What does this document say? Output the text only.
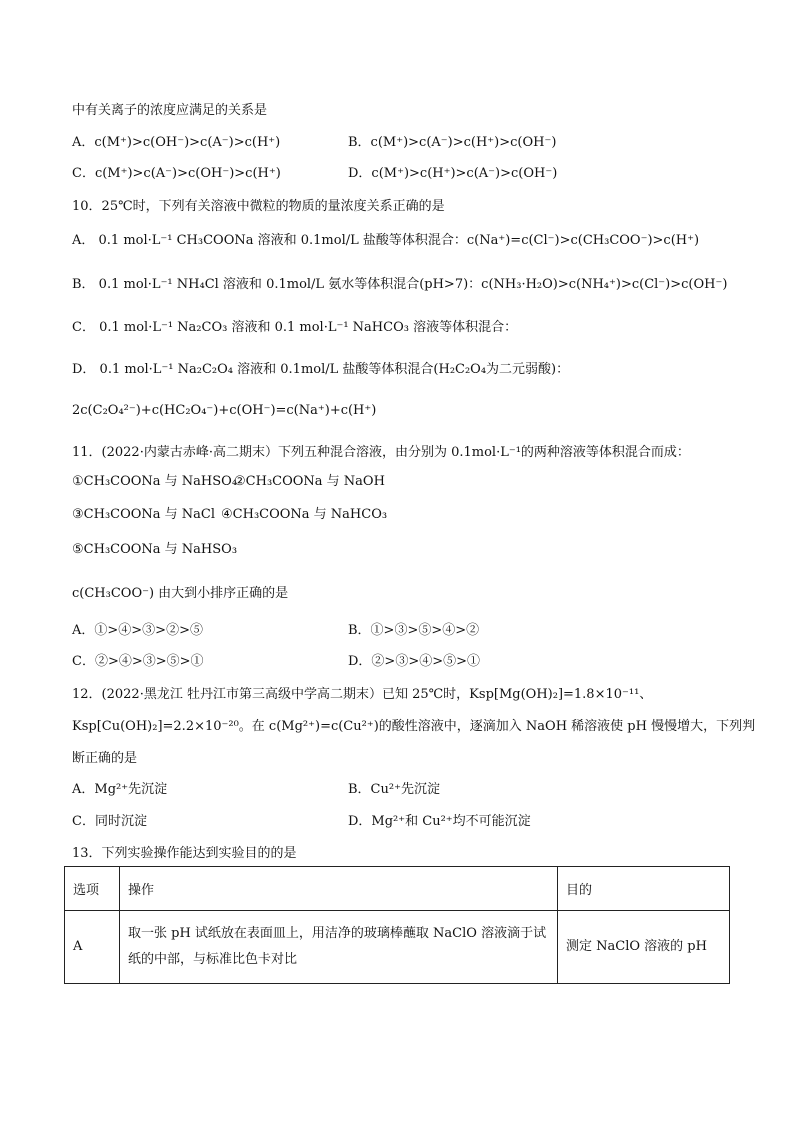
中有关离子的浓度应满足的关系是
A．c(M⁺)>c(OH⁻)>c(A⁻)>c(H⁺)	B．c(M⁺)>c(A⁻)>c(H⁺)>c(OH⁻)
C．c(M⁺)>c(A⁻)>c(OH⁻)>c(H⁺)	D．c(M⁺)>c(H⁺)>c(A⁻)>c(OH⁻)
10．25℃时，下列有关溶液中微粒的物质的量浓度关系正确的是
A． 0.1 mol·L⁻¹ CH₃COONa 溶液和 0.1mol/L 盐酸等体积混合：c(Na⁺)=c(Cl⁻)>c(CH₃COO⁻)>c(H⁺)
B． 0.1 mol·L⁻¹ NH₄Cl 溶液和 0.1mol/L 氨水等体积混合(pH>7)：c(NH₃·H₂O)>c(NH₄⁺)>c(Cl⁻)>c(OH⁻)
C． 0.1 mol·L⁻¹ Na₂CO₃ 溶液和 0.1 mol·L⁻¹ NaHCO₃ 溶液等体积混合：
D． 0.1 mol·L⁻¹ Na₂C₂O₄ 溶液和 0.1mol/L 盐酸等体积混合(H₂C₂O₄为二元弱酸)：
2c(C₂O₄²⁻)+c(HC₂O₄⁻)+c(OH⁻)=c(Na⁺)+c(H⁺)
11．(2022·内蒙古赤峰·高二期末）下列五种混合溶液，由分别为 0.1mol·L⁻¹的两种溶液等体积混合而成：
①CH₃COONa 与 NaHSO₄
②CH₃COONa 与 NaOH
③CH₃COONa 与 NaCl ④CH₃COONa 与 NaHCO₃
⑤CH₃COONa 与 NaHSO₃
c(CH₃COO⁻) 由大到小排序正确的是
A．①>④>③>②>⑤	B．①>③>⑤>④>②
C．②>④>③>⑤>①	D．②>③>④>⑤>①
12．(2022·黑龙江 牡丹江市第三高级中学高二期末）已知 25℃时，Ksp[Mg(OH)₂]=1.8×10⁻¹¹、
Ksp[Cu(OH)₂]=2.2×10⁻²⁰。在 c(Mg²⁺)=c(Cu²⁺)的酸性溶液中，逐滴加入 NaOH 稀溶液使 pH 慢慢增大，下列判
断正确的是
A．Mg²⁺先沉淀	B．Cu²⁺先沉淀
C．同时沉淀	D．Mg²⁺和 Cu²⁺均不可能沉淀
13．下列实验操作能达到实验目的的是
选项	操作	目的
A	取一张 pH 试纸放在表面皿上，用洁净的玻璃棒蘸取 NaClO 溶液滴于试
纸的中部，与标准比色卡对比	测定 NaClO 溶液的 pH
